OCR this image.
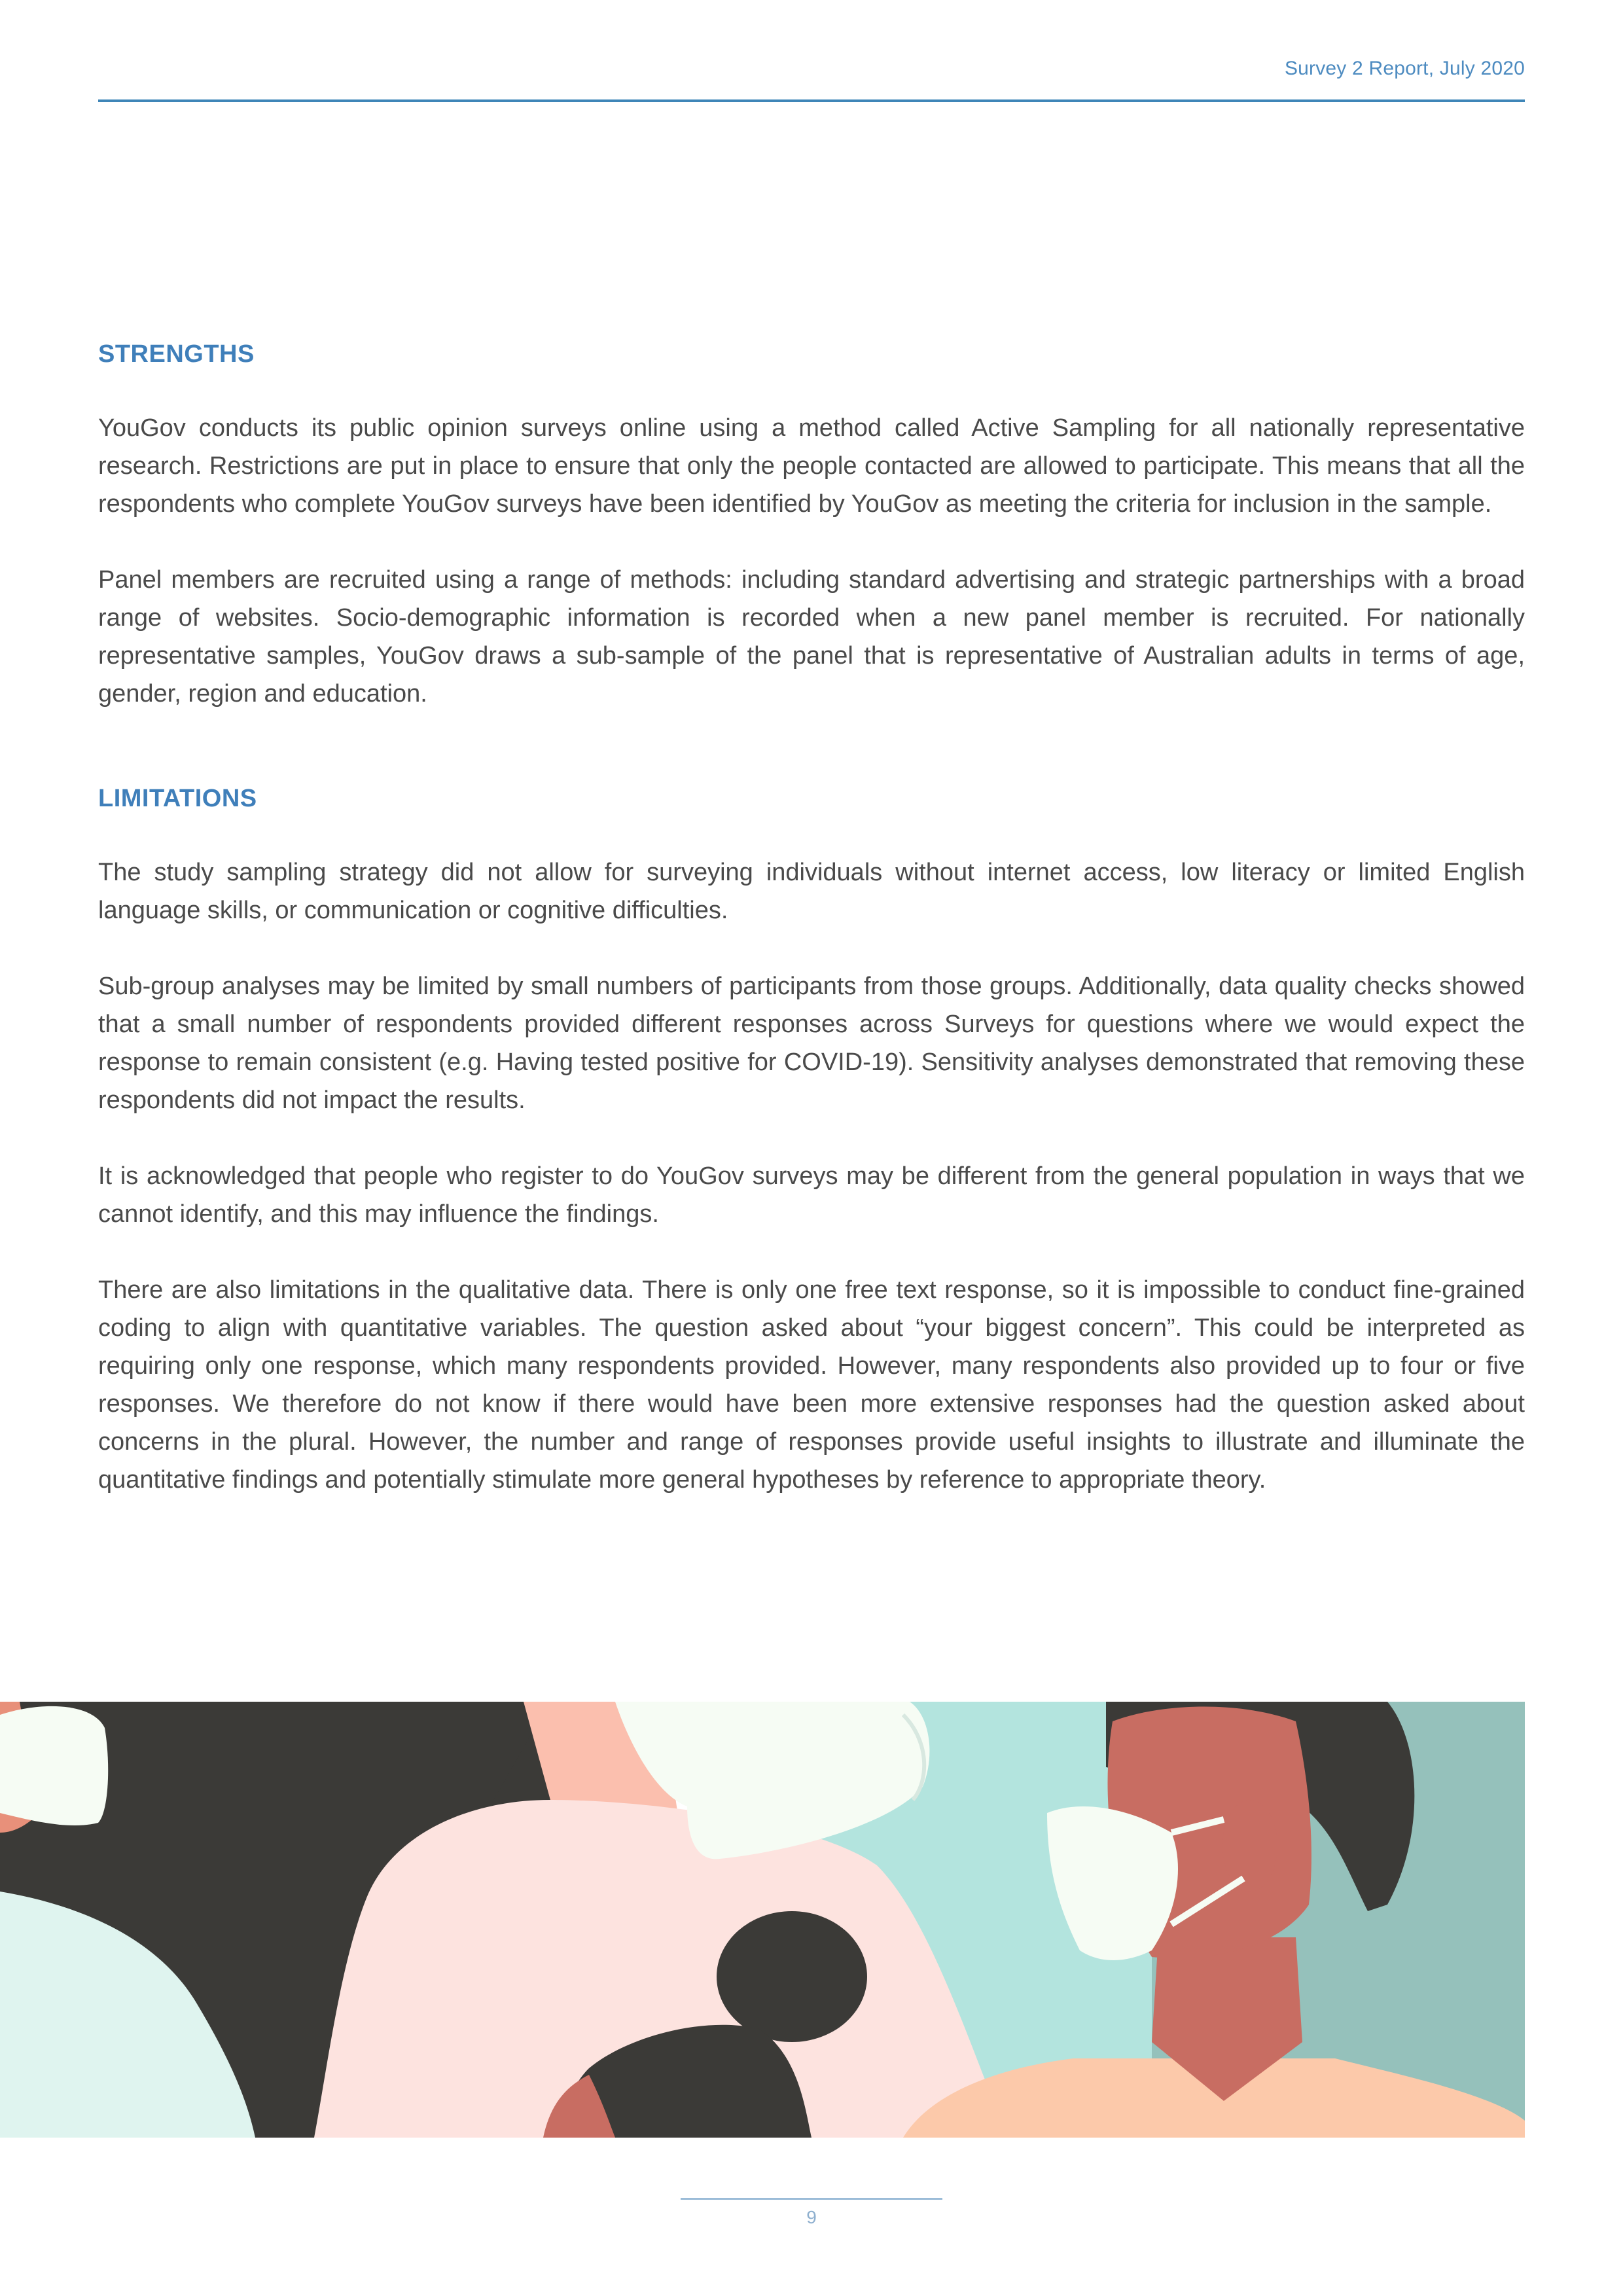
Survey 2 Report, July 2020
STRENGTHS

YouGov conducts its public opinion surveys online using a method called Active Sampling for all nationally representative research. Restrictions are put in place to ensure that only the people contacted are allowed to participate. This means that all the respondents who complete YouGov surveys have been identified by YouGov as meeting the criteria for inclusion in the sample.

Panel members are recruited using a range of methods: including standard advertising and strategic partnerships with a broad range of websites. Socio-demographic information is recorded when a new panel member is recruited. For nationally representative samples, YouGov draws a sub-sample of the panel that is representative of Australian adults in terms of age, gender, region and education.

LIMITATIONS

The study sampling strategy did not allow for surveying individuals without internet access, low literacy or limited English language skills, or communication or cognitive difficulties.

Sub-group analyses may be limited by small numbers of participants from those groups. Additionally, data quality checks showed that a small number of respondents provided different responses across Surveys for questions where we would expect the response to remain consistent (e.g. Having tested positive for COVID-19). Sensitivity analyses demonstrated that removing these respondents did not impact the results.

It is acknowledged that people who register to do YouGov surveys may be different from the general population in ways that we cannot identify, and this may influence the findings.

There are also limitations in the qualitative data. There is only one free text response, so it is impossible to conduct fine-grained coding to align with quantitative variables. The question asked about “your biggest concern”. This could be interpreted as requiring only one response, which many respondents provided. However, many respondents also provided up to four or five responses. We therefore do not know if there would have been more extensive responses had the question asked about concerns in the plural. However, the number and range of responses provide useful insights to illustrate and illuminate the quantitative findings and potentially stimulate more general hypotheses by reference to appropriate theory.

9
